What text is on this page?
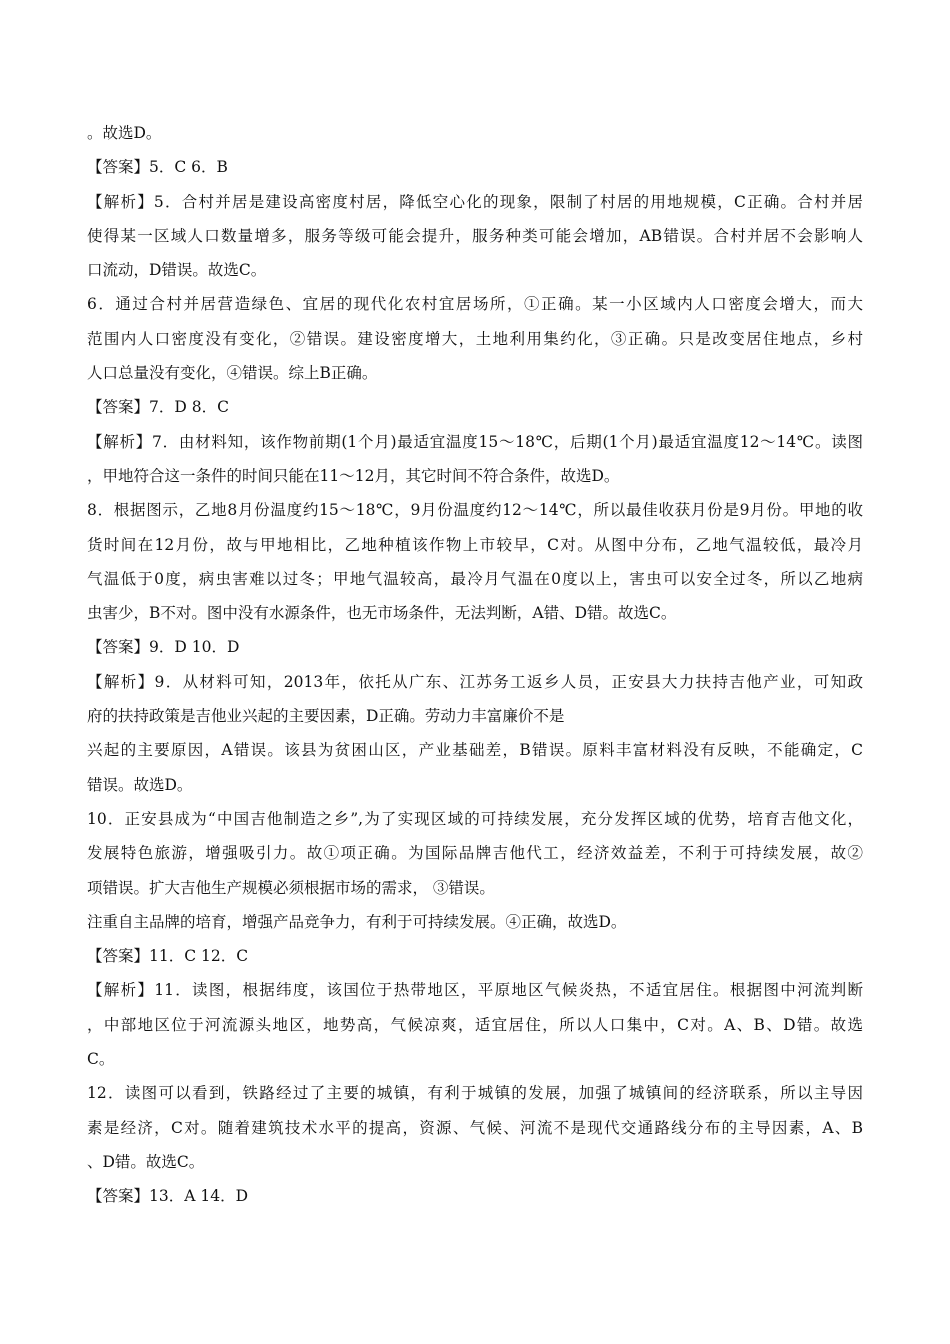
。故选D。
【答案】5．C 6．B
【解析】5．合村并居是建设高密度村居，降低空心化的现象，限制了村居的用地规模，C正确。合村并居
使得某一区域人口数量增多，服务等级可能会提升，服务种类可能会增加，AB错误。合村并居不会影响人
口流动，D错误。故选C。
6．通过合村并居营造绿色、宜居的现代化农村宜居场所，①正确。某一小区域内人口密度会增大，而大
范围内人口密度没有变化，②错误。建设密度增大，土地利用集约化，③正确。只是改变居住地点，乡村
人口总量没有变化，④错误。综上B正确。
【答案】7．D 8．C
【解析】7．由材料知，该作物前期(1个月)最适宜温度15～18℃，后期(1个月)最适宜温度12～14℃。读图
，甲地符合这一条件的时间只能在11～12月，其它时间不符合条件，故选D。
8．根据图示，乙地8月份温度约15～18℃，9月份温度约12～14℃，所以最佳收获月份是9月份。甲地的收
货时间在12月份，故与甲地相比，乙地种植该作物上市较早，C对。从图中分布，乙地气温较低，最冷月
气温低于0度，病虫害难以过冬；甲地气温较高，最冷月气温在0度以上，害虫可以安全过冬，所以乙地病
虫害少，B不对。图中没有水源条件，也无市场条件，无法判断，A错、D错。故选C。
【答案】9．D 10．D
【解析】9．从材料可知，2013年，依托从广东、江苏务工返乡人员，正安县大力扶持吉他产业，可知政
府的扶持政策是吉他业兴起的主要因素，D正确。劳动力丰富廉价不是
兴起的主要原因，A错误。该县为贫困山区，产业基础差，B错误。原料丰富材料没有反映，不能确定，C
错误。故选D。
10．正安县成为“中国吉他制造之乡”,为了实现区域的可持续发展，充分发挥区域的优势，培育吉他文化，
发展特色旅游，增强吸引力。故①项正确。为国际品牌吉他代工，经济效益差，不利于可持续发展，故②
项错误。扩大吉他生产规模必须根据市场的需求， ③错误。
注重自主品牌的培育，增强产品竞争力，有利于可持续发展。④正确，故选D。
【答案】11．C 12．C
【解析】11．读图，根据纬度，该国位于热带地区，平原地区气候炎热，不适宜居住。根据图中河流判断
，中部地区位于河流源头地区，地势高，气候凉爽，适宜居住，所以人口集中，C对。A、B、D错。故选
C。
12．读图可以看到，铁路经过了主要的城镇，有利于城镇的发展，加强了城镇间的经济联系，所以主导因
素是经济，C对。随着建筑技术水平的提高，资源、气候、河流不是现代交通路线分布的主导因素，A、B
、D错。故选C。
【答案】13．A 14．D
